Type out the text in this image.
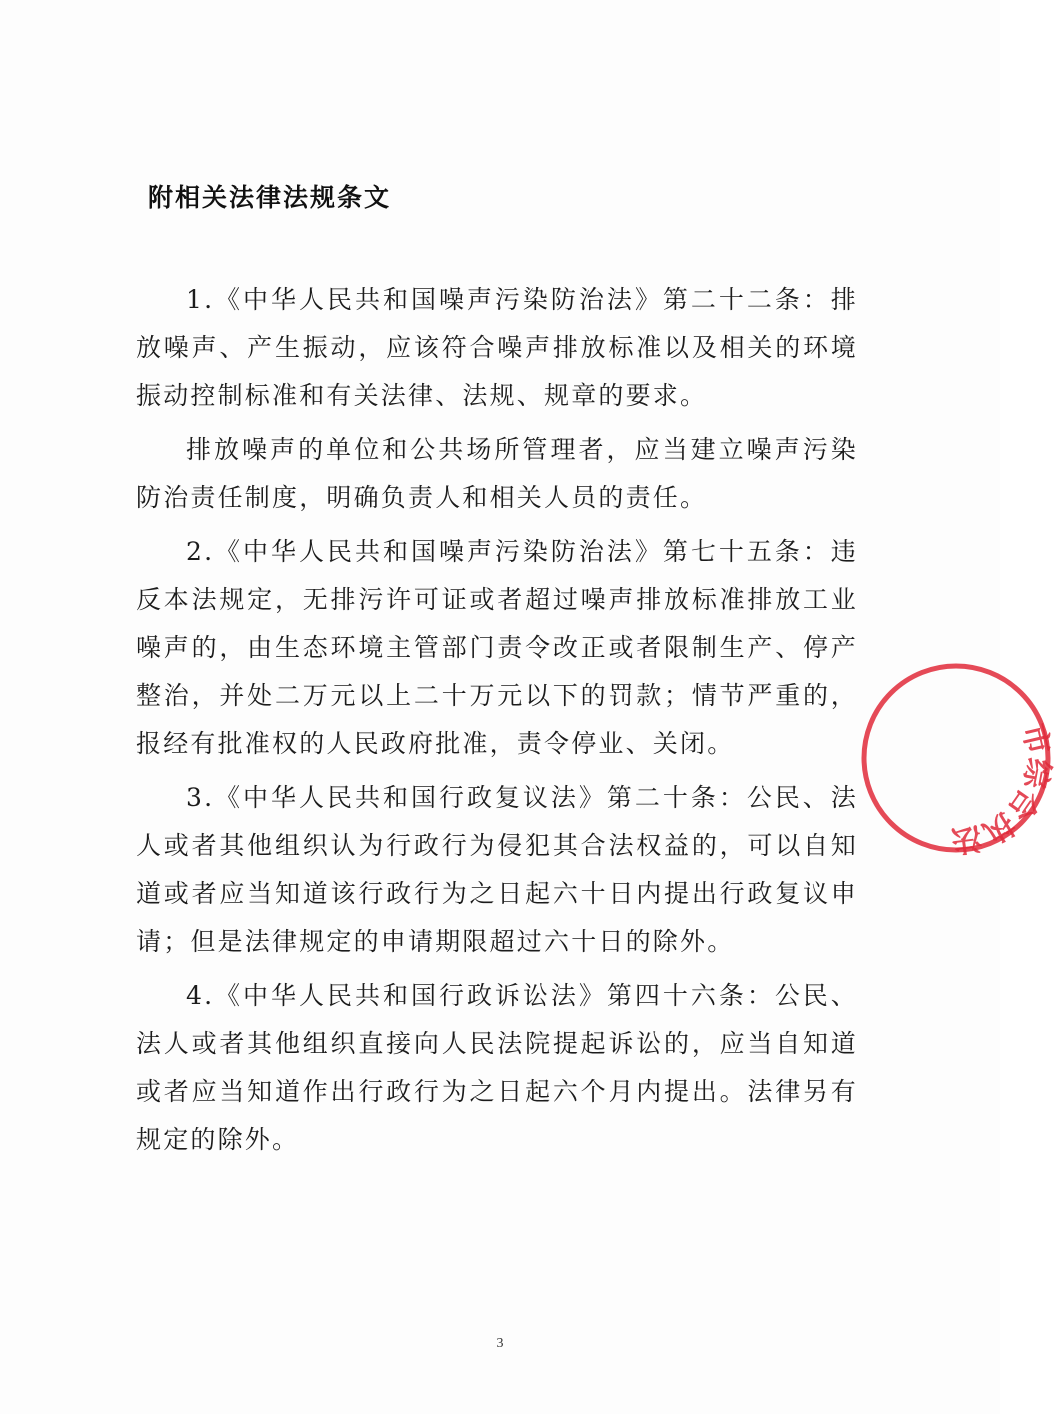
附相关法律法规条文

1.《中华人民共和国噪声污染防治法》第二十二条：排放噪声、产生振动，应该符合噪声排放标准以及相关的环境振动控制标准和有关法律、法规、规章的要求。

排放噪声的单位和公共场所管理者，应当建立噪声污染防治责任制度，明确负责人和相关人员的责任。

2.《中华人民共和国噪声污染防治法》第七十五条：违反本法规定，无排污许可证或者超过噪声排放标准排放工业噪声的，由生态环境主管部门责令改正或者限制生产、停产整治，并处二万元以上二十万元以下的罚款；情节严重的，报经有批准权的人民政府批准，责令停业、关闭。

3.《中华人民共和国行政复议法》第二十条：公民、法人或者其他组织认为行政行为侵犯其合法权益的，可以自知道或者应当知道该行政行为之日起六十日内提出行政复议申请；但是法律规定的申请期限超过六十日的除外。

4.《中华人民共和国行政诉讼法》第四十六条：公民、法人或者其他组织直接向人民法院提起诉讼的，应当自知道或者应当知道作出行政行为之日起六个月内提出。法律另有规定的除外。

市综合执法
3
